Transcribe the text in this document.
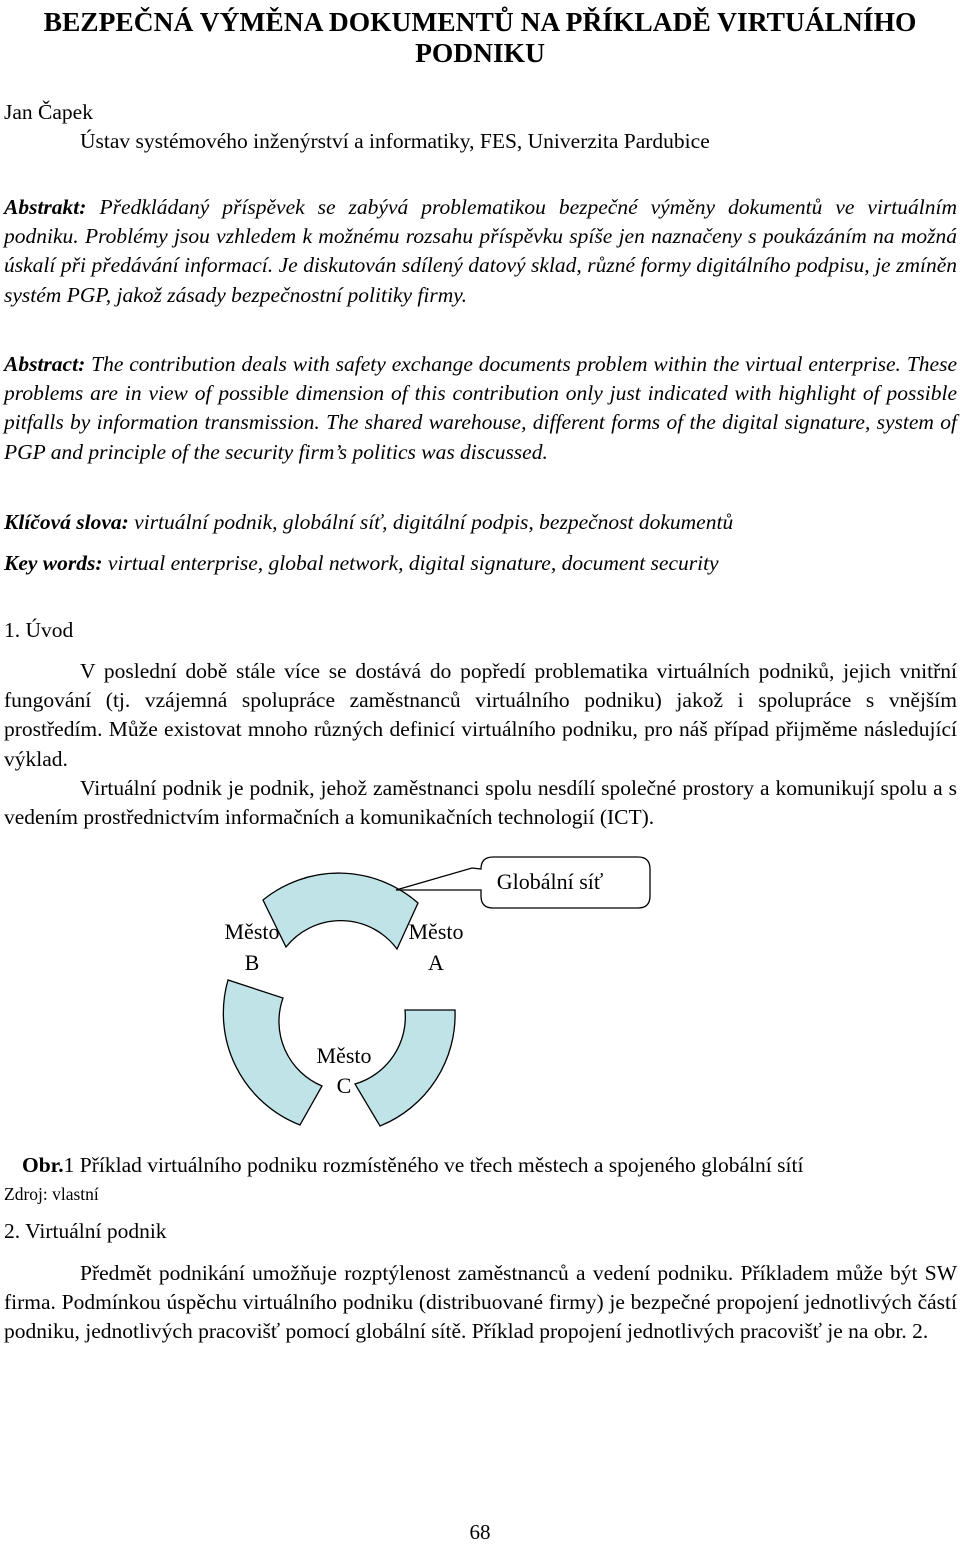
BEZPEČNÁ VÝMĚNA DOKUMENTŮ NA PŘÍKLADĚ VIRTUÁLNÍHO
PODNIKU
Jan Čapek
Ústav systémového inženýrství a informatiky, FES, Univerzita Pardubice

Abstrakt: Předkládaný příspěvek se zabývá problematikou bezpečné výměny dokumentů ve virtuálním podniku. Problémy jsou vzhledem k možnému rozsahu příspěvku spíše jen naznačeny s poukázáním na možná úskalí při předávání informací. Je diskutován sdílený datový sklad, různé formy digitálního podpisu, je zmíněn systém PGP, jakož zásady bezpečnostní politiky firmy.

Abstract: The contribution deals with safety exchange documents problem within the virtual enterprise. These problems are in view of possible dimension of this contribution only just indicated with highlight of possible pitfalls by information transmission. The shared warehouse, different forms of the digital signature, system of PGP and principle of the security firm’s politics was discussed.

Klíčová slova: virtuální podnik, globální síť, digitální podpis, bezpečnost dokumentů
Key words: virtual enterprise, global network, digital signature, document security
1. Úvod

V poslední době stále více se dostává do popředí problematika virtuálních podniků, jejich vnitřní fungování (tj. vzájemná spolupráce zaměstnanců virtuálního podniku) jakož i spolupráce s vnějším prostředím. Může existovat mnoho různých definicí virtuálního podniku, pro náš případ přijměme následující výklad.

Virtuální podnik je podnik, jehož zaměstnanci spolu nesdílí společné prostory a komunikují spolu a s vedením prostřednictvím informačních a komunikačních technologií (ICT).

Globální síť
Město
B
Město
A
Město
C
Obr.1 Příklad virtuálního podniku rozmístěného ve třech městech a spojeného globální sítí
Zdroj: vlastní
2. Virtuální podnik

Předmět podnikání umožňuje rozptýlenost zaměstnanců a vedení podniku. Příkladem může být SW firma. Podmínkou úspěchu virtuálního podniku (distribuované firmy) je bezpečné propojení jednotlivých částí podniku, jednotlivých pracovišť pomocí globální sítě. Příklad propojení jednotlivých pracovišť je na obr. 2.

68
